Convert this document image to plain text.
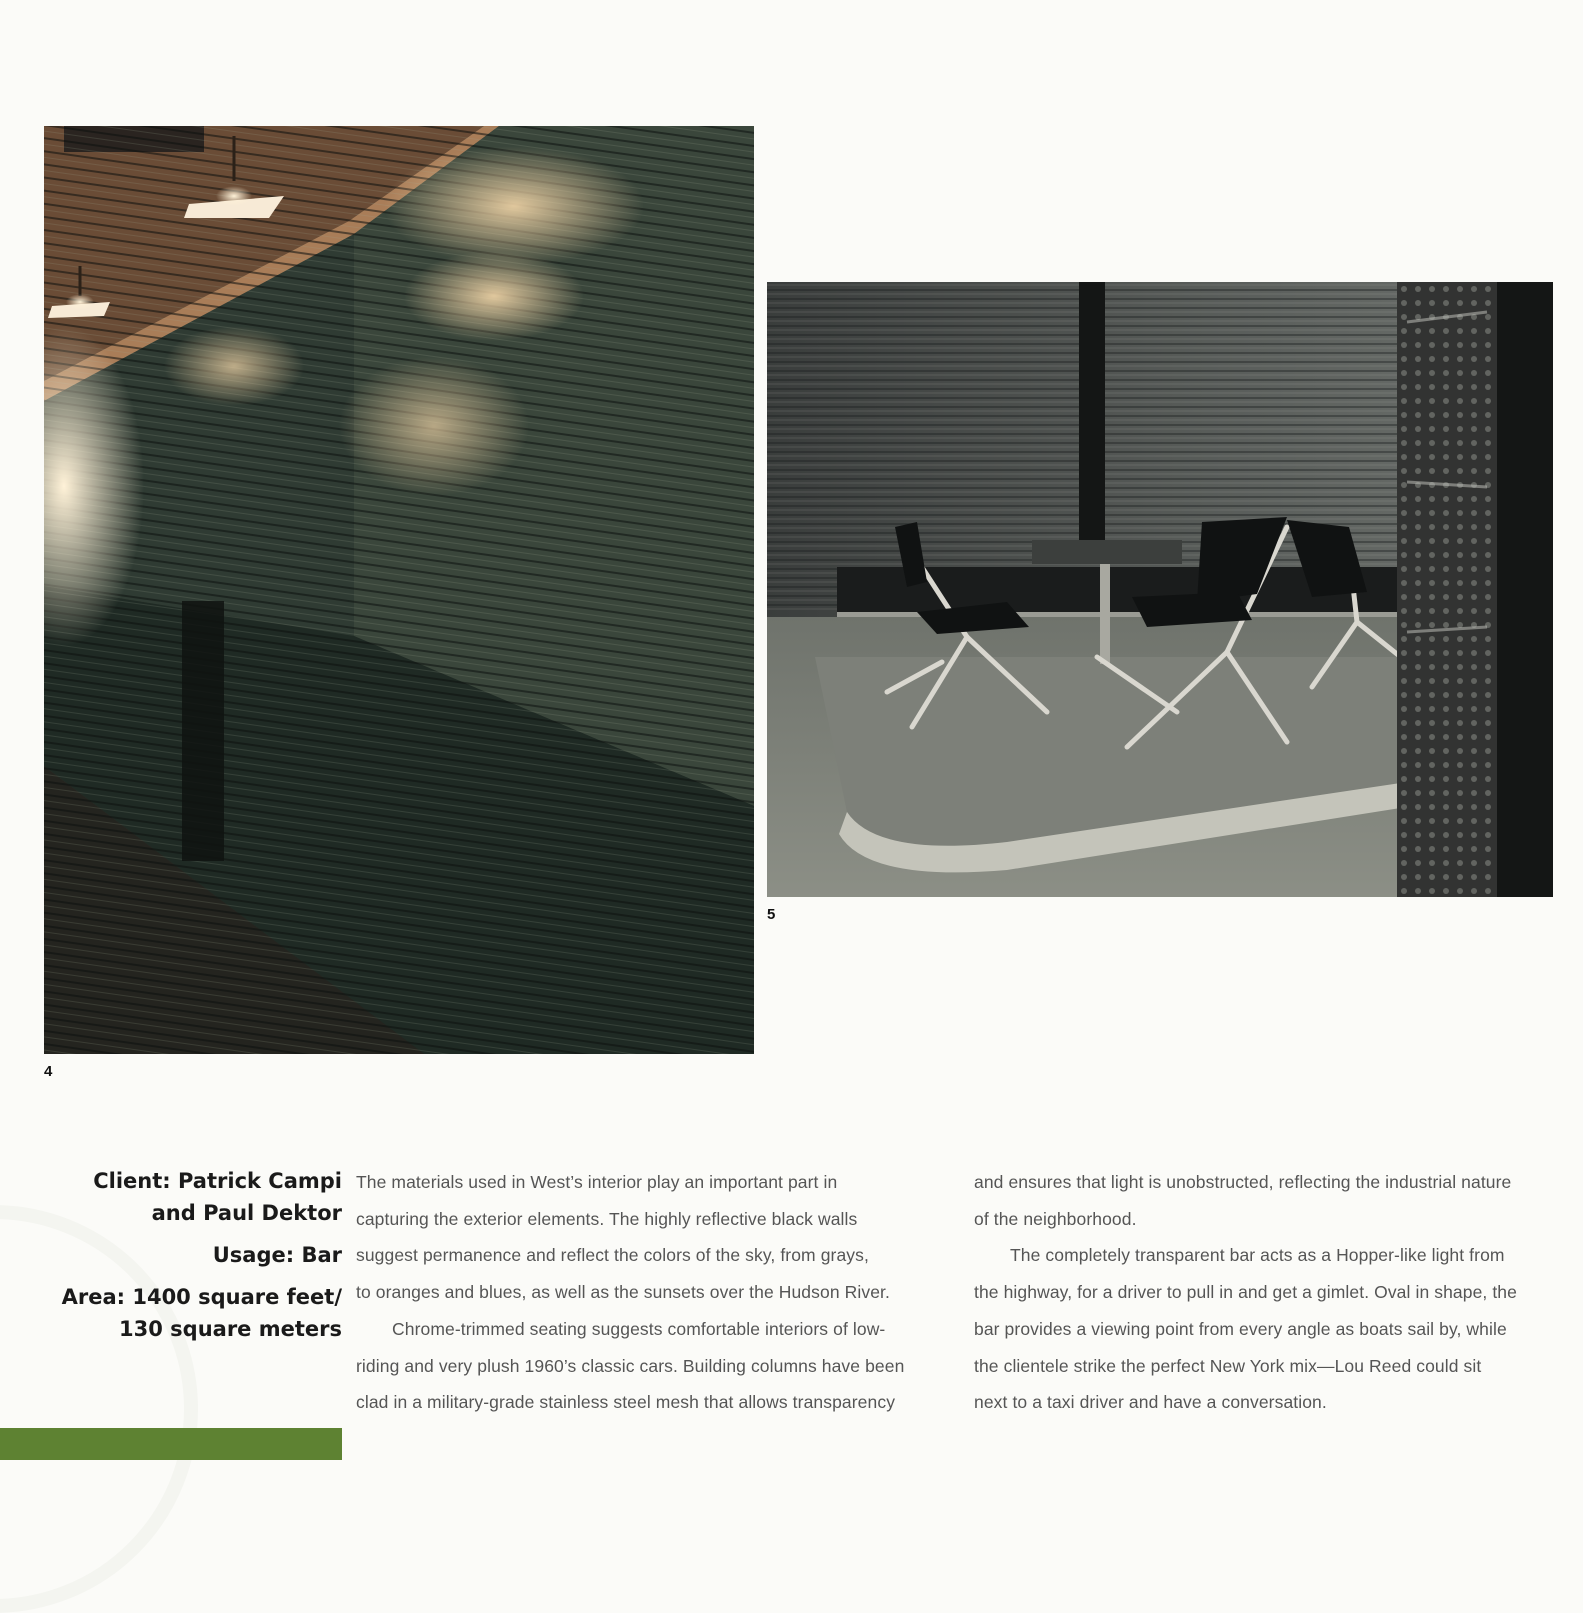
4
5
Client: Patrick Campi
and Paul Dektor
Usage: Bar
Area: 1400 square feet/
130 square meters
The materials used in West’s interior play an important part in
capturing the exterior elements. The highly reflective black walls
suggest permanence and reflect the colors of the sky, from grays,
to oranges and blues, as well as the sunsets over the Hudson River.
Chrome-trimmed seating suggests comfortable interiors of low-
riding and very plush 1960’s classic cars. Building columns have been
clad in a military-grade stainless steel mesh that allows transparency
and ensures that light is unobstructed, reflecting the industrial nature
of the neighborhood.
The completely transparent bar acts as a Hopper-like light from
the highway, for a driver to pull in and get a gimlet. Oval in shape, the
bar provides a viewing point from every angle as boats sail by, while
the clientele strike the perfect New York mix—Lou Reed could sit
next to a taxi driver and have a conversation.
